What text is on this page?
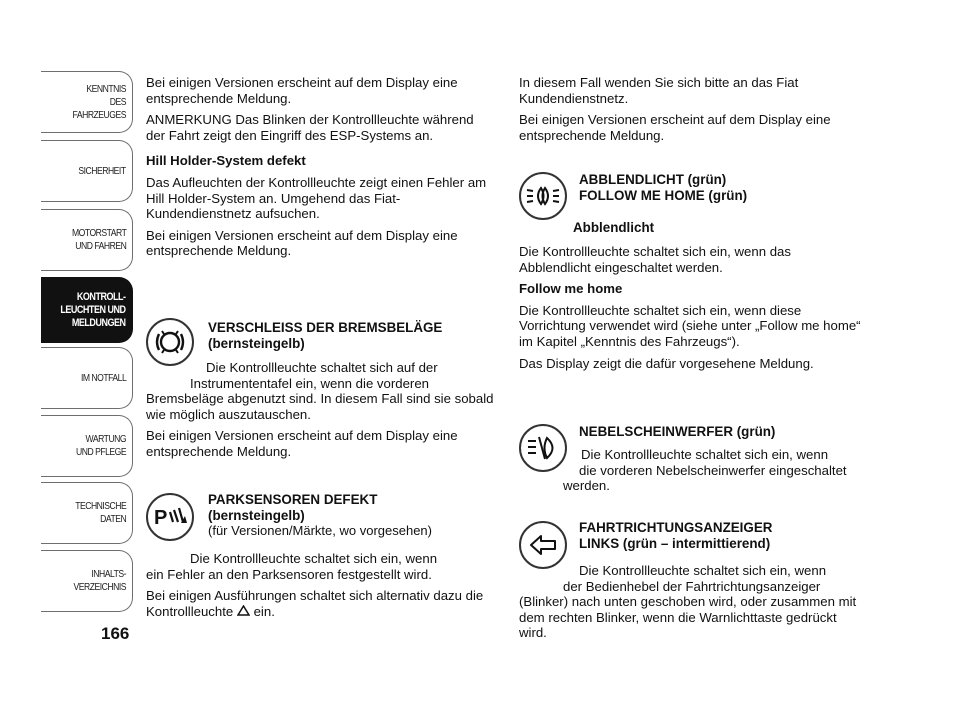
KENNTNIS
DES FAHRZEUGES
SICHERHEIT
MOTORSTART
UND FAHREN
KONTROLL-
LEUCHTEN UND
MELDUNGEN
IM NOTFALL
WARTUNG
UND PFLEGE
TECHNISCHE
DATEN
INHALTS-
VERZEICHNIS
166

Bei einigen Versionen erscheint auf dem Display eine entsprechende Meldung.

ANMERKUNG Das Blinken der Kontrollleuchte während der Fahrt zeigt den Eingriff des ESP-Systems an.

Hill Holder-System defekt

Das Aufleuchten der Kontrollleuchte zeigt einen Fehler am Hill Holder-System an. Umgehend das Fiat-Kundendienstnetz aufsuchen.

Bei einigen Versionen erscheint auf dem Display eine entsprechende Meldung.

VERSCHLEISS DER BREMSBELÄGE
(bernsteingelb)
Die Kontrollleuchte schaltet sich auf der
Instrumententafel ein, wenn die vorderen

Bremsbeläge abgenutzt sind. In diesem Fall sind sie sobald wie möglich auszutauschen.

Bei einigen Versionen erscheint auf dem Display eine entsprechende Meldung.

P
PARKSENSOREN DEFEKT
(bernsteingelb)
(für Versionen/Märkte, wo vorgesehen)
Die Kontrollleuchte schaltet sich ein, wenn

ein Fehler an den Parksensoren festgestellt wird.

Bei einigen Ausführungen schaltet sich alternativ dazu die Kontrollleuchte ein.

In diesem Fall wenden Sie sich bitte an das Fiat Kundendienstnetz.

Bei einigen Versionen erscheint auf dem Display eine entsprechende Meldung.

ABBLENDLICHT (grün)
FOLLOW ME HOME (grün)
Abblendlicht

Die Kontrollleuchte schaltet sich ein, wenn das Abblendlicht eingeschaltet werden.

Follow me home

Die Kontrollleuchte schaltet sich ein, wenn diese Vorrichtung verwendet wird (siehe unter „Follow me home“ im Kapitel „Kenntnis des Fahrzeugs“).

Das Display zeigt die dafür vorgesehene Meldung.

NEBELSCHEINWERFER (grün)
Die Kontrollleuchte schaltet sich ein, wenn
die vorderen Nebelscheinwerfer eingeschaltet
werden.
FAHRTRICHTUNGSANZEIGER
LINKS (grün – intermittierend)
Die Kontrollleuchte schaltet sich ein, wenn
der Bedienhebel der Fahrtrichtungsanzeiger

(Blinker) nach unten geschoben wird, oder zusammen mit dem rechten Blinker, wenn die Warnlichttaste gedrückt wird.
